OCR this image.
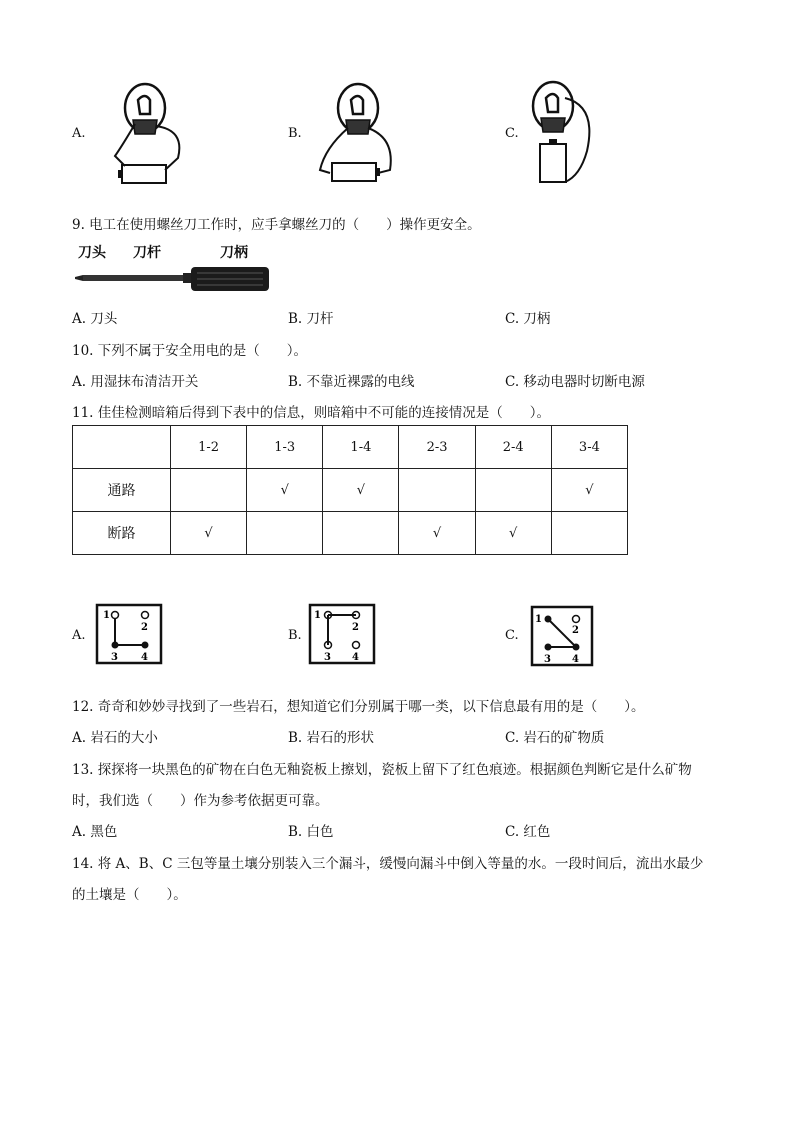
A.	B.	C.
9. 电工在使用螺丝刀工作时，应手拿螺丝刀的（　　）操作更安全。
刀头 刀杆	刀柄
A. 刀头	B. 刀杆	C. 刀柄
10. 下列不属于安全用电的是（　　）。
A. 用湿抹布清洁开关	B. 不靠近裸露的电线	C. 移动电器时切断电源
11. 佳佳检测暗箱后得到下表中的信息，则暗箱中不可能的连接情况是（　　）。
	1-2	1-3	1-4	2-3	2-4	3-4
通路		√	√			√
断路	√			√	√	
A.
1
2
3 4
B.
1
2
3 4
C.
1
2
3 4
12. 奇奇和妙妙寻找到了一些岩石，想知道它们分别属于哪一类，以下信息最有用的是（　　）。
A. 岩石的大小	B. 岩石的形状	C. 岩石的矿物质
13. 探探将一块黑色的矿物在白色无釉瓷板上擦划，瓷板上留下了红色痕迹。根据颜色判断它是什么矿物
时，我们选（　　）作为参考依据更可靠。
A. 黑色	B. 白色	C. 红色
14. 将 A、B、C 三包等量土壤分别装入三个漏斗，缓慢向漏斗中倒入等量的水。一段时间后，流出水最少
的土壤是（　　）。
